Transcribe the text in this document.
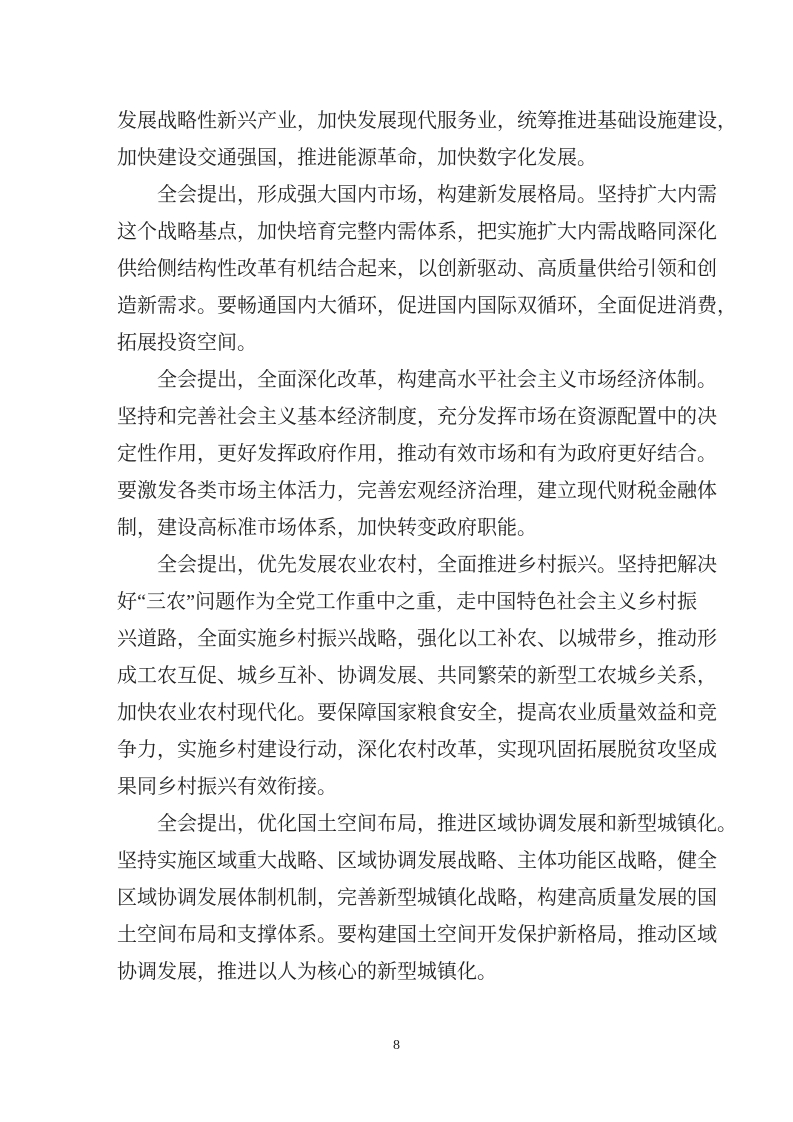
发展战略性新兴产业，加快发展现代服务业，统筹推进基础设施建设，
加快建设交通强国，推进能源革命，加快数字化发展。
全会提出，形成强大国内市场，构建新发展格局。坚持扩大内需
这个战略基点，加快培育完整内需体系，把实施扩大内需战略同深化
供给侧结构性改革有机结合起来，以创新驱动、高质量供给引领和创
造新需求。要畅通国内大循环，促进国内国际双循环，全面促进消费，
拓展投资空间。
全会提出，全面深化改革，构建高水平社会主义市场经济体制。
坚持和完善社会主义基本经济制度，充分发挥市场在资源配置中的决
定性作用，更好发挥政府作用，推动有效市场和有为政府更好结合。
要激发各类市场主体活力，完善宏观经济治理，建立现代财税金融体
制，建设高标准市场体系，加快转变政府职能。
全会提出，优先发展农业农村，全面推进乡村振兴。坚持把解决
好“三农”问题作为全党工作重中之重，走中国特色社会主义乡村振
兴道路，全面实施乡村振兴战略，强化以工补农、以城带乡，推动形
成工农互促、城乡互补、协调发展、共同繁荣的新型工农城乡关系，
加快农业农村现代化。要保障国家粮食安全，提高农业质量效益和竞
争力，实施乡村建设行动，深化农村改革，实现巩固拓展脱贫攻坚成
果同乡村振兴有效衔接。
全会提出，优化国土空间布局，推进区域协调发展和新型城镇化。
坚持实施区域重大战略、区域协调发展战略、主体功能区战略，健全
区域协调发展体制机制，完善新型城镇化战略，构建高质量发展的国
土空间布局和支撑体系。要构建国土空间开发保护新格局，推动区域
协调发展，推进以人为核心的新型城镇化。
8
